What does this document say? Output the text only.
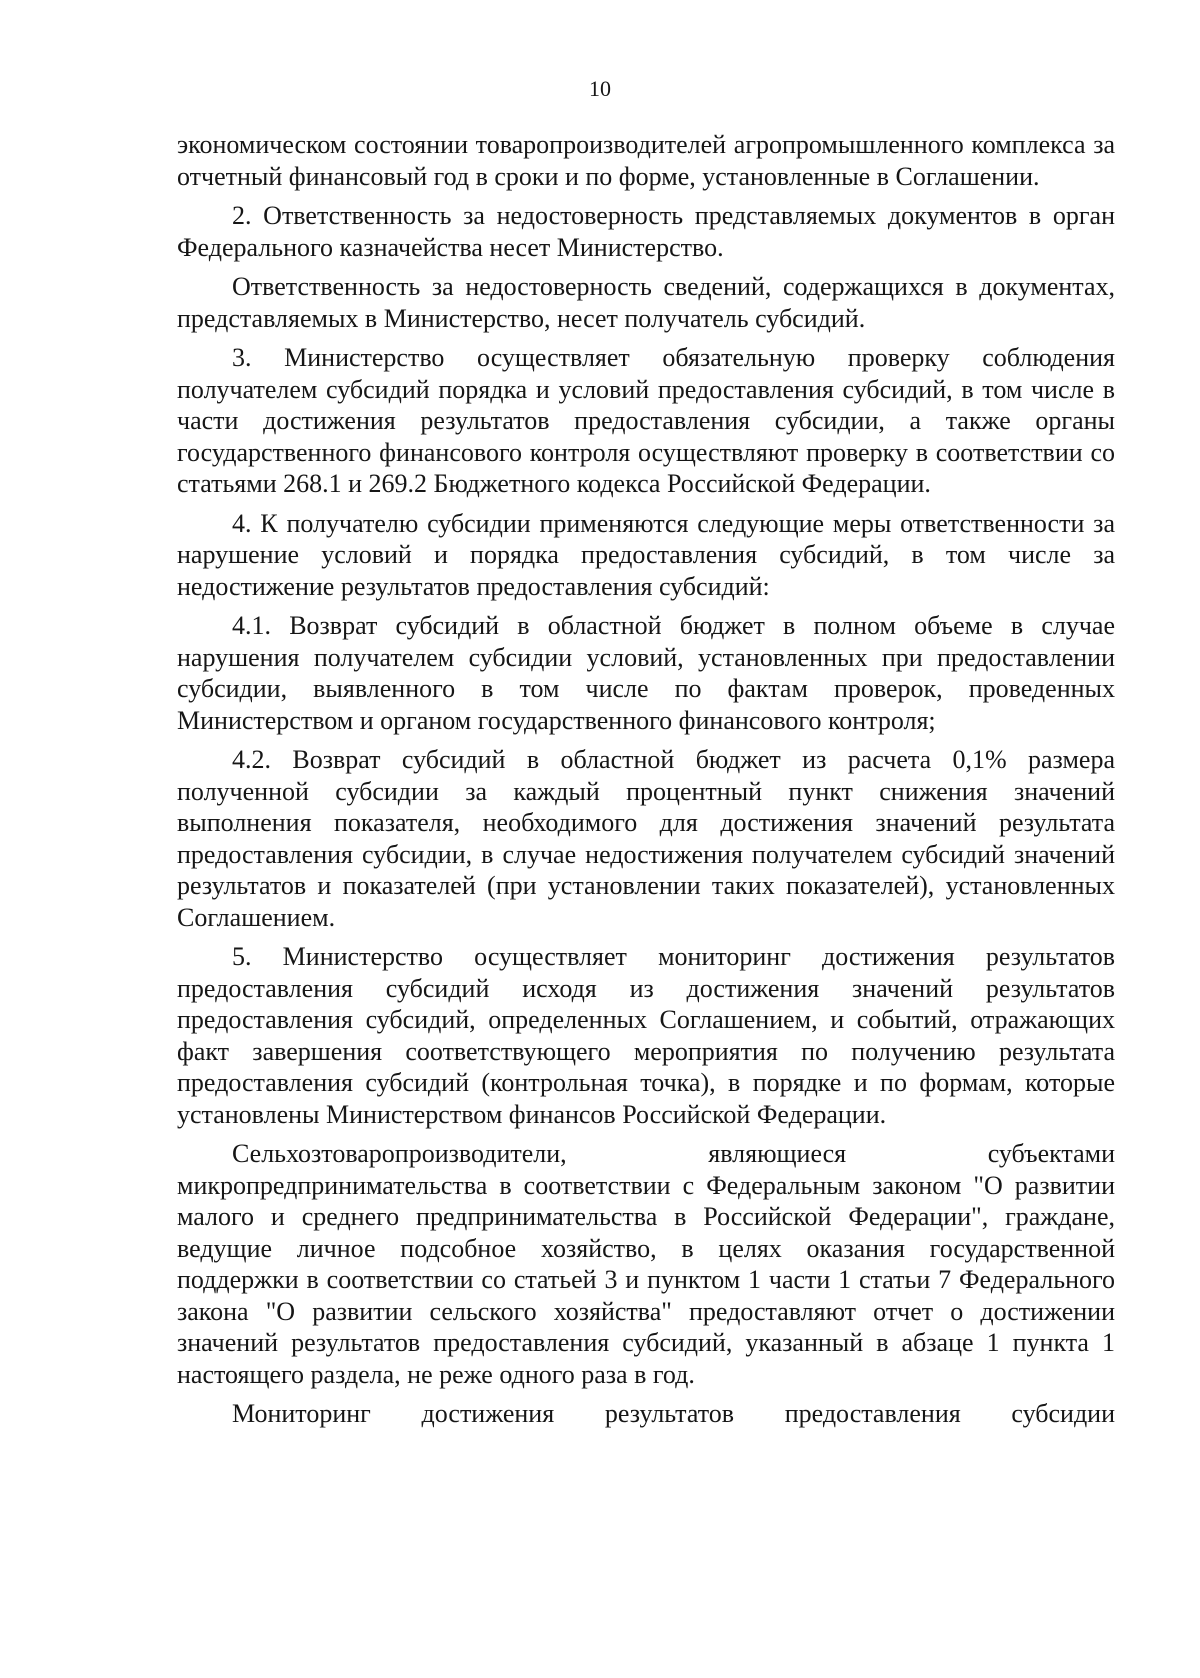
10

экономическом состоянии товаропроизводителей агропромышленного комплекса за отчетный финансовый год в сроки и по форме, установленные в Соглашении.

2. Ответственность за недостоверность представляемых документов в орган Федерального казначейства несет Министерство.

Ответственность за недостоверность сведений, содержащихся в документах, представляемых в Министерство, несет получатель субсидий.

3. Министерство осуществляет обязательную проверку соблюдения получателем субсидий порядка и условий предоставления субсидий, в том числе в части достижения результатов предоставления субсидии, а также органы государственного финансового контроля осуществляют проверку в соответствии со статьями 268.1 и 269.2 Бюджетного кодекса Российской Федерации.

4. К получателю субсидии применяются следующие меры ответственности за нарушение условий и порядка предоставления субсидий, в том числе за недостижение результатов предоставления субсидий:

4.1. Возврат субсидий в областной бюджет в полном объеме в случае нарушения получателем субсидии условий, установленных при предоставлении субсидии, выявленного в том числе по фактам проверок, проведенных Министерством и органом государственного финансового контроля;

4.2. Возврат субсидий в областной бюджет из расчета 0,1% размера полученной субсидии за каждый процентный пункт снижения значений выполнения показателя, необходимого для достижения значений результата предоставления субсидии, в случае недостижения получателем субсидий значений результатов и показателей (при установлении таких показателей), установленных Соглашением.

5. Министерство осуществляет мониторинг достижения результатов предоставления субсидий исходя из достижения значений результатов предоставления субсидий, определенных Соглашением, и событий, отражающих факт завершения соответствующего мероприятия по получению результата предоставления субсидий (контрольная точка), в порядке и по формам, которые установлены Министерством финансов Российской Федерации.

Сельхозтоваропроизводители, являющиеся субъектами микропредпринимательства в соответствии с Федеральным законом "О развитии малого и среднего предпринимательства в Российской Федерации", граждане, ведущие личное подсобное хозяйство, в целях оказания государственной поддержки в соответствии со статьей 3 и пунктом 1 части 1 статьи 7 Федерального закона "О развитии сельского хозяйства" предоставляют отчет о достижении значений результатов предоставления субсидий, указанный в абзаце 1 пункта 1 настоящего раздела, не реже одного раза в год.

Мониторинг достижения результатов предоставления субсидии
